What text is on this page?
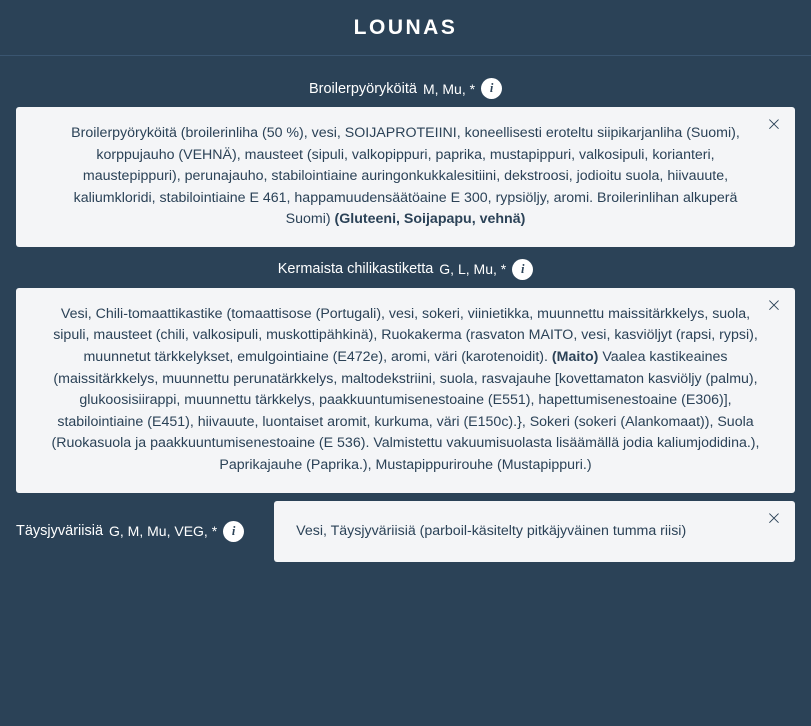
LOUNAS
Broilerpyöryköitä M, Mu, *	i
×
Broilerpyöryköitä (broilerinliha (50 %), vesi, SOIJAPROTEIINI, koneellisesti eroteltu siipikarjanliha (Suomi), korppujauho (VEHNÄ), mausteet (sipuli, valkopippuri, paprika, mustapippuri, valkosipuli, korianteri, maustepippuri), perunajauho, stabilointiaine auringonkukkalesitiini, dekstroosi, jodioitu suola, hiivauute, kaliumkloridi, stabilointiaine E 461, happamuudensäätöaine E 300, rypsiöljy, aromi. Broilerinlihan alkuperä Suomi) (Gluteeni, Soijapapu, vehnä)
Kermaista chilikastiketta G, L, Mu, *	i
×
Vesi, Chili-tomaattikastike (tomaattisose (Portugali), vesi, sokeri, viinietikka, muunnettu maissitärkkelys, suola, sipuli, mausteet (chili, valkosipuli, muskottipähkinä), Ruokakerma (rasvaton MAITO, vesi, kasviöljyt (rapsi, rypsi), muunnetut tärkkelykset, emulgointiaine (E472e), aromi, väri (karotenoidit). (Maito) Vaalea kastikeaines (maissitärkkelys, muunnettu perunatärkkelys, maltodekstriini, suola, rasvajauhe [kovettamaton kasviöljy (palmu), glukoosisiirappi, muunnettu tärkkelys, paakkuuntumisenestoaine (E551), hapettumisenestoaine (E306)], stabilointiaine (E451), hiivauute, luontaiset aromit, kurkuma, väri (E150c).}, Sokeri (sokeri (Alankomaat)), Suola (Ruokasuola ja paakkuuntumisenestoaine (E 536). Valmistettu vakuumisuolasta lisäämällä jodia kaliumjodidina.), Paprikajauhe (Paprika.), Mustapippurirouhe (Mustapippuri.)
Täysjyväriisiä G, M, Mu, VEG, *	i
×
Vesi, Täysjyväriisiä (parboil-käsitelty pitkäjyväinen tumma riisi)
